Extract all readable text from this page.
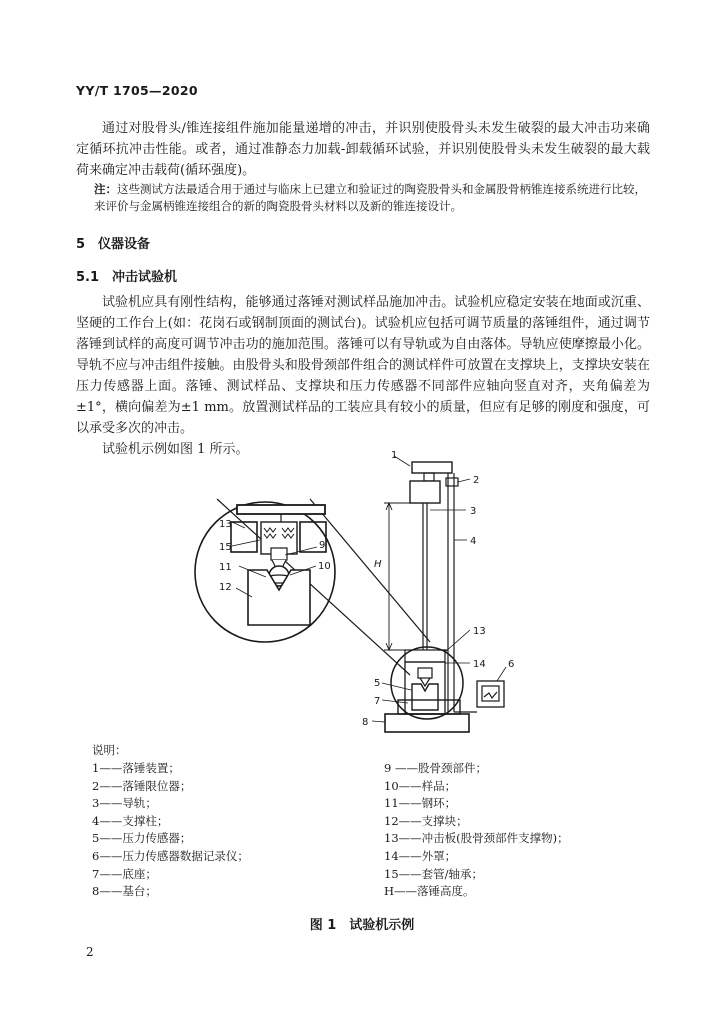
YY/T 1705—2020

通过对股骨头/锥连接组件施加能量递增的冲击，并识别使股骨头未发生破裂的最大冲击功来确定循环抗冲击性能。或者，通过准静态力加载-卸载循环试验，并识别使股骨头未发生破裂的最大载荷来确定冲击载荷(循环强度)。

注：这些测试方法最适合用于通过与临床上已建立和验证过的陶瓷股骨头和金属股骨柄锥连接系统进行比较，来评价与金属柄锥连接组合的新的陶瓷股骨头材料以及新的锥连接设计。
5　仪器设备
5.1　冲击试验机

试验机应具有刚性结构，能够通过落锤对测试样品施加冲击。试验机应稳定安装在地面或沉重、坚硬的工作台上(如：花岗石或钢制顶面的测试台)。试验机应包括可调节质量的落锤组件，通过调节落锤到试样的高度可调节冲击功的施加范围。落锤可以有导轨或为自由落体。导轨应使摩擦最小化。导轨不应与冲击组件接触。由股骨头和股骨颈部件组合的测试样件可放置在支撑块上，支撑块安装在压力传感器上面。落锤、测试样品、支撑块和压力传感器不同部件应轴向竖直对齐，夹角偏差为±1°，横向偏差为±1 mm。放置测试样品的工装应具有较小的质量，但应有足够的刚度和强度，可以承受多次的冲击。

试验机示例如图 1 所示。

13
15	9
10
11
12
1
2
3
4
13
14 6
5
7
8
H
说明：
1——落锤装置；
2——落锤限位器；
3——导轨；
4——支撑柱；
5——压力传感器；
6——压力传感器数据记录仪；
7——底座；
8——基台；
9 ——股骨颈部件；
10——样品；
11——钢环；
12——支撑块；
13——冲击板(股骨颈部件支撑物)；
14——外罩；
15——套管/轴承；
H——落锤高度。
图 1　试验机示例
2
